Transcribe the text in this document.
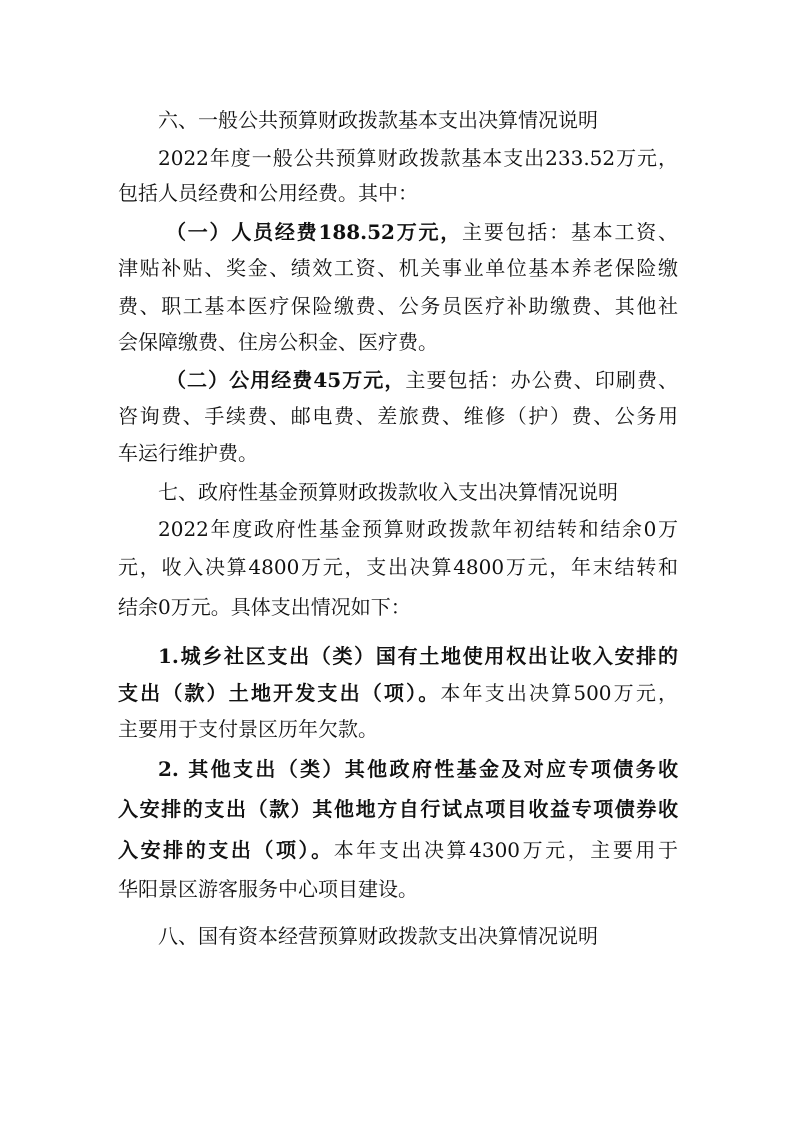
六、一般公共预算财政拨款基本支出决算情况说明
2022年度一般公共预算财政拨款基本支出233.52万元，
包括人员经费和公用经费。其中：
（一）人员经费188.52万元，主要包括：基本工资、
津贴补贴、奖金、绩效工资、机关事业单位基本养老保险缴
费、职工基本医疗保险缴费、公务员医疗补助缴费、其他社
会保障缴费、住房公积金、医疗费。
（二）公用经费45万元，主要包括：办公费、印刷费、
咨询费、手续费、邮电费、差旅费、维修（护）费、公务用
车运行维护费。
七、政府性基金预算财政拨款收入支出决算情况说明
2022年度政府性基金预算财政拨款年初结转和结余0万
元，收入决算4800万元，支出决算4800万元，年末结转和
结余0万元。具体支出情况如下：
1.城乡社区支出（类）国有土地使用权出让收入安排的
支出（款）土地开发支出（项）。本年支出决算500万元，
主要用于支付景区历年欠款。
2. 其他支出（类）其他政府性基金及对应专项债务收
入安排的支出（款）其他地方自行试点项目收益专项债券收
入安排的支出（项）。本年支出决算4300万元，主要用于
华阳景区游客服务中心项目建设。
八、国有资本经营预算财政拨款支出决算情况说明
